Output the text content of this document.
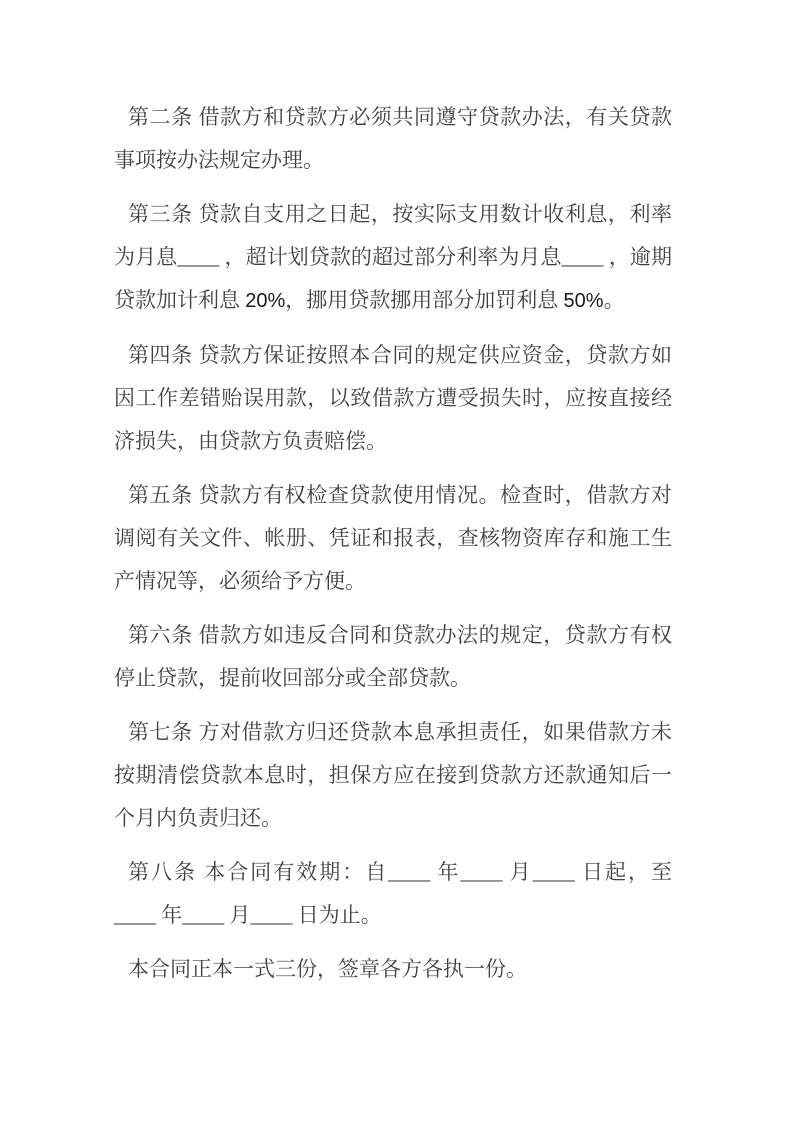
第二条 借款方和贷款方必须共同遵守贷款办法，有关贷款事项按办法规定办理。

第三条 贷款自支用之日起，按实际支用数计收利息，利率为月息____ ，超计划贷款的超过部分利率为月息____ ，逾期贷款加计利息 20%，挪用贷款挪用部分加罚利息 50%。

第四条 贷款方保证按照本合同的规定供应资金，贷款方如因工作差错贻误用款，以致借款方遭受损失时，应按直接经济损失，由贷款方负责赔偿。

第五条 贷款方有权检查贷款使用情况。检查时，借款方对调阅有关文件、帐册、凭证和报表，查核物资库存和施工生产情况等，必须给予方便。

第六条 借款方如违反合同和贷款办法的规定，贷款方有权停止贷款，提前收回部分或全部贷款。

第七条 方对借款方归还贷款本息承担责任，如果借款方未按期清偿贷款本息时，担保方应在接到贷款方还款通知后一个月内负责归还。

第八条 本合同有效期：自____ 年____ 月____ 日起，至____ 年____ 月____ 日为止。

本合同正本一式三份，签章各方各执一份。
